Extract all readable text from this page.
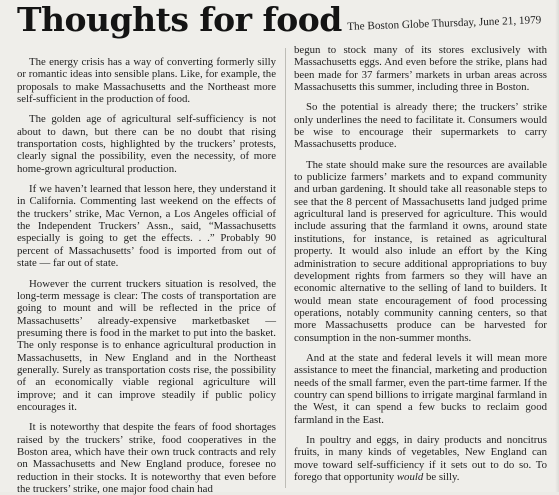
Thoughts for food The Boston Globe Thursday, June 21, 1979

The energy crisis has a way of converting formerly silly or romantic ideas into sensible plans. Like, for example, the proposals to make Massachusetts and the Northeast more self-sufficient in the production of food.

The golden age of agricultural self-sufficiency is not about to dawn, but there can be no doubt that rising transportation costs, highlighted by the truckers’ protests, clearly signal the possibility, even the necessity, of more home-grown agricultural production.

If we haven’t learned that lesson here, they understand it in California. Commenting last weekend on the effects of the truckers’ strike, Mac Vernon, a Los Angeles official of the Independent Truckers’ Assn., said, “Massachusetts especially is going to get the effects. . .” Probably 90 percent of Massachusetts’ food is imported from out of state — far out of state.

However the current truckers situation is resolved, the long-term message is clear: The costs of transportation are going to mount and will be reflected in the price of Massachusetts’ already-expensive marketbasket — presuming there is food in the market to put into the basket. The only response is to enhance agricultural production in Massachusetts, in New England and in the Northeast generally. Surely as transportation costs rise, the possibility of an economically viable regional agriculture will improve; and it can improve steadily if public policy encourages it.

It is noteworthy that despite the fears of food shortages raised by the truckers’ strike, food cooperatives in the Boston area, which have their own truck contracts and rely on Massachusetts and New England produce, foresee no reduction in their stocks. It is noteworthy that even before the truckers’ strike, one major food chain had

begun to stock many of its stores exclusively with Massachusetts eggs. And even before the strike, plans had been made for 37 farmers’ markets in urban areas across Massachusetts this summer, including three in Boston.

So the potential is already there; the truckers’ strike only underlines the need to facilitate it. Consumers would be wise to encourage their supermarkets to carry Massachusetts produce.

The state should make sure the resources are available to publicize farmers’ markets and to expand community and urban gardening. It should take all reasonable steps to see that the 8 percent of Massachusetts land judged prime agricultural land is preserved for agriculture. This would include assuring that the farmland it owns, around state institutions, for instance, is retained as agricultural property. It would also inlude an effort by the King administration to secure additional appropriations to buy development rights from farmers so they will have an economic alternative to the selling of land to builders. It would mean state encouragement of food processing operations, notably community canning centers, so that more Massachusetts produce can be harvested for consumption in the non-summer months.

And at the state and federal levels it will mean more assistance to meet the financial, marketing and production needs of the small farmer, even the part-time farmer. If the country can spend billions to irrigate marginal farmland in the West, it can spend a few bucks to reclaim good farmland in the East.

In poultry and eggs, in dairy products and noncitrus fruits, in many kinds of vegetables, New England can move toward self-sufficiency if it sets out to do so. To forego that opportunity would be silly.
